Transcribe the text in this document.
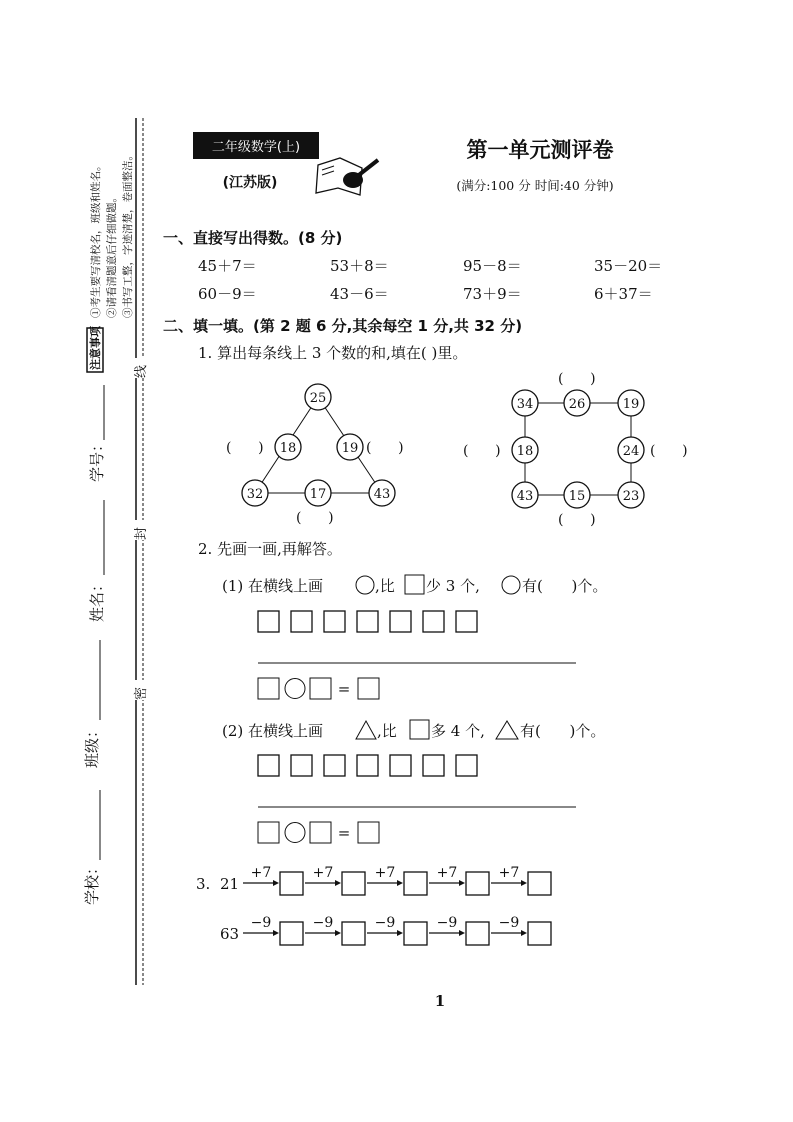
注意事项
①考生要写清校名，班级和姓名。 ②请看清题意后仔细做题。 ③书写工整，字迹清楚，卷面整洁。
学校：
班级：
姓名：
学号：
线
封
密
二年级数学(上)
(江苏版)
第一单元测评卷
(满分:100 分 时间:40 分钟)
一、直接写出得数。(8 分)
45＋7＝	53＋8＝	95－8＝	35－20＝
60－9＝	43－6＝	73＋9＝	6＋37＝
二、填一填。(第 2 题 6 分,其余每空 1 分,共 32 分)
1. 算出每条线上 3 个数的和,填在( )里。
25
18	19
32	17	43
(      )	(      )
(      )
34	26	19
18	24
43	15	23
(      )
(      )	(      )
(      )
2. 先画一画,再解答。
(1) 在横线上画	,比 少 3 个,	有(      )个。
=
(2) 在横线上画	,比 多 4 个, 有(      )个。
=
3. 21
63
+7	+7	+7	+7	+7
−9	−9	−9	−9	−9
1
